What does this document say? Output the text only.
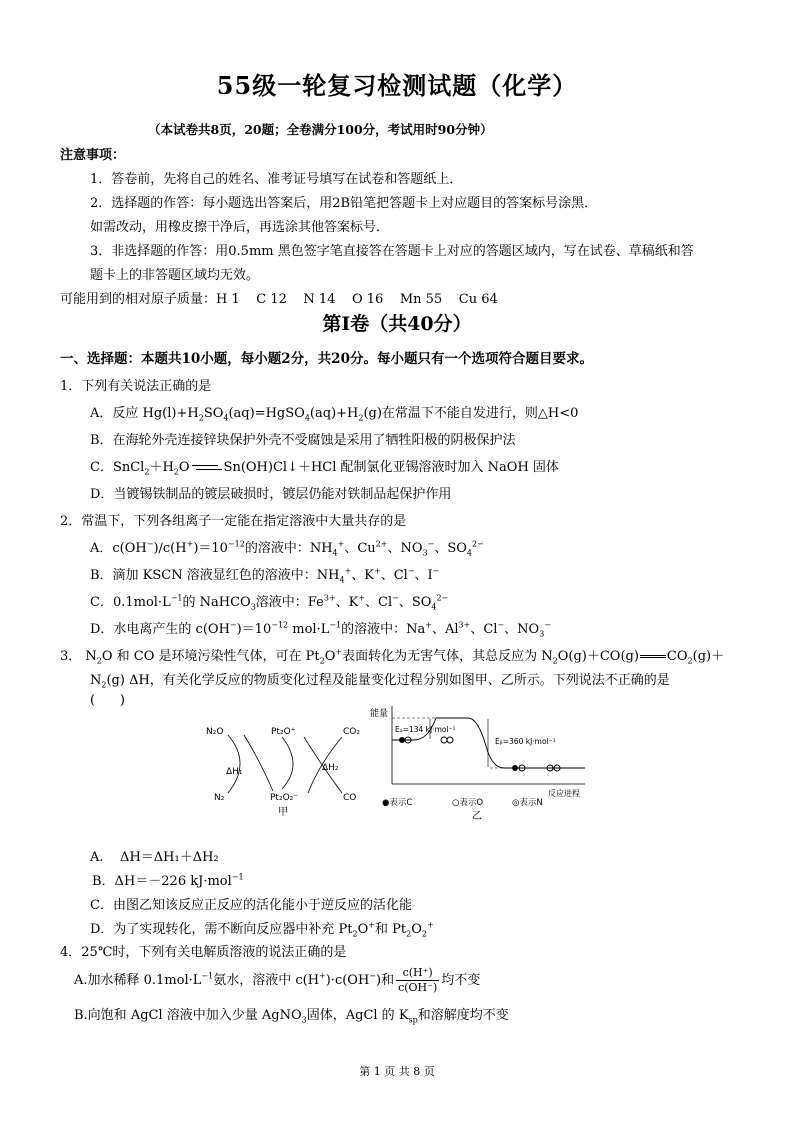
55级一轮复习检测试题（化学）
（本试卷共8页，20题；全卷满分100分，考试用时90分钟）
注意事项：
1．答卷前，先将自己的姓名、准考证号填写在试卷和答题纸上．
2．选择题的作答：每小题选出答案后，用2B铅笔把答题卡上对应题目的答案标号涂黑．
如需改动，用橡皮擦干净后，再选涂其他答案标号．
3．非选择题的作答：用0.5mm 黑色签字笔直接答在答题卡上对应的答题区域内，写在试卷、草稿纸和答
题卡上的非答题区域均无效。
可能用到的相对原子质量：H 1    C 12    N 14    O 16    Mn 55    Cu 64
第Ⅰ卷（共40分）
一、选择题：本题共10小题，每小题2分，共20分。每小题只有一个选项符合题目要求。
1．下列有关说法正确的是
A．反应 $Hg(l)+H_2SO_4(aq)=HgSO_4(aq)+H_2(g)$在常温下不能自发进行，则△H<0
B．在海轮外壳连接锌块保护外壳不受腐蚀是采用了牺牲阳极的阴极保护法
C．$SnCl_2+H_2O$	Sn(OH)Cl↓＋HCl 配制氯化亚锡溶液时加入 NaOH 固体
D．当镀锡铁制品的镀层破损时，镀层仍能对铁制品起保护作用
2．常温下，下列各组离子一定能在指定溶液中大量共存的是
A．$c(OH^-)/c(H^+)=10^{-12}$的溶液中：$NH_4^+$、$Cu^{2+}$、$NO_3^-$、$SO_4^{2-}$
B．滴加 KSCN 溶液显红色的溶液中：$NH_4^+$、K+、Cl−、I−
C．$0.1mol\cdot L^{-1}$的 NaHCO$_3$溶液中：$Fe^{3+}$、K+、Cl−、$SO_4^{2-}$
D．水电离产生的 $c(OH^-)=10^{-12}$ $mol\cdot L^{-1}$的溶液中：Na+、$Al^{3+}$、Cl−、$NO_3^-$
3． $N_2O$ 和 CO 是环境污染性气体，可在 $Pt_2O^+$表面转化为无害气体，其总反应为 $N_2O(g)+CO(g)$ $CO_2(g)+$
$N_2(g)$ ΔH，有关化学反应的物质变化过程及能量变化过程分别如图甲、乙所示。下列说法不正确的是
(      )
N₂O	Pt₂O⁺	CO₂
ΔH₁	ΔH₂
N₂	Pt₂O₂⁻	CO
甲
能量
Eₐ=134 kJ·mol⁻¹
Eᵦ=360 kJ·mol⁻¹
反应进程
●表示C	○表示O	◎表示N
乙
A.    ΔH＝ΔH₁＋ΔH₂
B．ΔH＝－226 kJ·mol$^{-1}$
C．由图乙知该反应正反应的活化能小于逆反应的活化能
D．为了实现转化，需不断向反应器中补充 $Pt_2O^+$和 $Pt_2O_2^+$
4．25℃时，下列有关电解质溶液的说法正确的是
A.加水稀释 $0.1mol\cdot L^{-1}$氨水，溶液中 c(H+)·c(OH−)和 $\frac{c(H^+)}{c(OH^-)}$ 均不变
B.向饱和 AgCl 溶液中加入少量 AgNO$_3$固体，AgCl 的 $K_{sp}$和溶解度均不变
第 1 页 共 8 页
